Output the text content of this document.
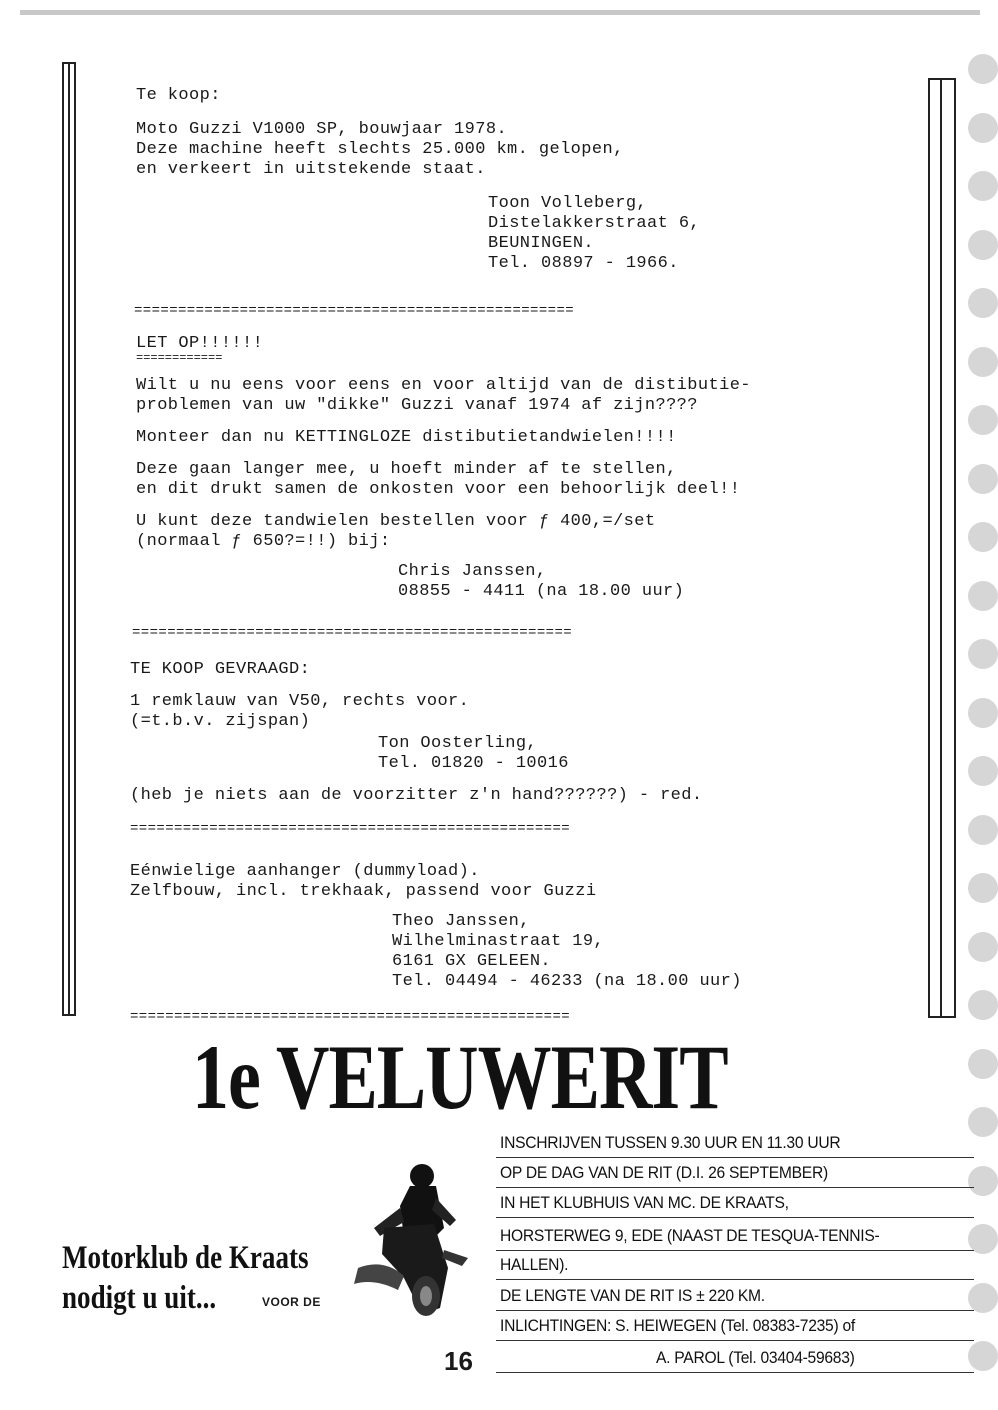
Te koop:
Moto Guzzi V1000 SP, bouwjaar 1978.
Deze machine heeft slechts 25.000 km. gelopen,
en verkeert in uitstekende staat.
Toon Volleberg,
Distelakkerstraat 6,
BEUNINGEN.
Tel. 08897 - 1966.
==================================================
LET OP!!!!!!
============
Wilt u nu eens voor eens en voor altijd van de distibutie-
problemen van uw "dikke" Guzzi vanaf 1974 af zijn????
Monteer dan nu KETTINGLOZE distibutietandwielen!!!!
Deze gaan langer mee, u hoeft minder af te stellen,
en dit drukt samen de onkosten voor een behoorlijk deel!!
U kunt deze tandwielen bestellen voor ƒ 400,=/set
(normaal ƒ 650?=!!) bij:
Chris Janssen,
08855 - 4411 (na 18.00 uur)
==================================================
TE KOOP GEVRAAGD:
1 remklauw van V50, rechts voor.
(=t.b.v. zijspan)
Ton Oosterling,
Tel. 01820 - 10016
(heb je niets aan de voorzitter z'n hand??????) - red.
==================================================
Eénwielige aanhanger (dummyload).
Zelfbouw, incl. trekhaak, passend voor Guzzi
Theo Janssen,
Wilhelminastraat 19,
6161 GX GELEEN.
Tel. 04494 - 46233 (na 18.00 uur)
==================================================
1e VELUWERIT
Motorklub de Kraats
nodigt u uit...	VOOR DE
INSCHRIJVEN TUSSEN 9.30 UUR EN 11.30 UUR
OP DE DAG VAN DE RIT (D.I. 26 SEPTEMBER)
IN HET KLUBHUIS VAN MC. DE KRAATS,
HORSTERWEG 9, EDE (NAAST DE TESQUA-TENNIS-
HALLEN).
DE LENGTE VAN DE RIT IS ± 220 KM.
INLICHTINGEN: S. HEIWEGEN (Tel. 08383-7235) of
A. PAROL (Tel. 03404-59683)
16
